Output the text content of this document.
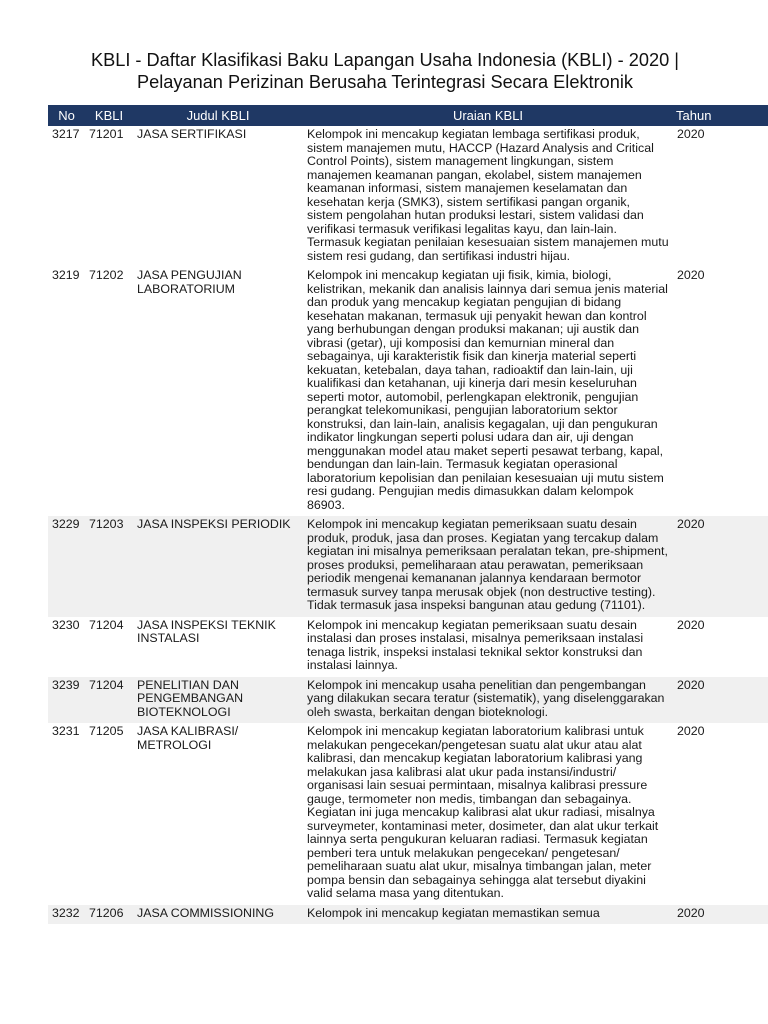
KBLI - Daftar Klasifikasi Baku Lapangan Usaha Indonesia (KBLI) - 2020 |
Pelayanan Perizinan Berusaha Terintegrasi Secara Elektronik
No	KBLI	Judul KBLI	Uraian KBLI	Tahun
3217	71201	JASA SERTIFIKASI	Kelompok ini mencakup kegiatan lembaga sertifikasi produk, sistem manajemen mutu, HACCP (Hazard Analysis and Critical Control Points), sistem management lingkungan, sistem manajemen keamanan pangan, ekolabel, sistem manajemen keamanan informasi, sistem manajemen keselamatan dan kesehatan kerja (SMK3), sistem sertifikasi pangan organik, sistem pengolahan hutan produksi lestari, sistem validasi dan verifikasi termasuk verifikasi legalitas kayu, dan lain-lain. Termasuk kegiatan penilaian kesesuaian sistem manajemen mutu sistem resi gudang, dan sertifikasi industri hijau.	2020
3219	71202	JASA PENGUJIAN LABORATORIUM	Kelompok ini mencakup kegiatan uji fisik, kimia, biologi, kelistrikan, mekanik dan analisis lainnya dari semua jenis material dan produk yang mencakup kegiatan pengujian di bidang kesehatan makanan, termasuk uji penyakit hewan dan kontrol yang berhubungan dengan produksi makanan; uji austik dan vibrasi (getar), uji komposisi dan kemurnian mineral dan sebagainya, uji karakteristik fisik dan kinerja material seperti kekuatan, ketebalan, daya tahan, radioaktif dan lain-lain, uji kualifikasi dan ketahanan, uji kinerja dari mesin keseluruhan seperti motor, automobil, perlengkapan elektronik, pengujian perangkat telekomunikasi, pengujian laboratorium sektor konstruksi, dan lain-lain, analisis kegagalan, uji dan pengukuran indikator lingkungan seperti polusi udara dan air, uji dengan menggunakan model atau maket seperti pesawat terbang, kapal, bendungan dan lain-lain. Termasuk kegiatan operasional laboratorium kepolisian dan penilaian kesesuaian uji mutu sistem resi gudang. Pengujian medis dimasukkan dalam kelompok 86903.	2020
3229	71203	JASA INSPEKSI PERIODIK	Kelompok ini mencakup kegiatan pemeriksaan suatu desain produk, produk, jasa dan proses. Kegiatan yang tercakup dalam kegiatan ini misalnya pemeriksaan peralatan tekan, pre-shipment, proses produksi, pemeliharaan atau perawatan, pemeriksaan periodik mengenai kemananan jalannya kendaraan bermotor termasuk survey tanpa merusak objek (non destructive testing). Tidak termasuk jasa inspeksi bangunan atau gedung (71101).	2020
3230	71204	JASA INSPEKSI TEKNIK INSTALASI	Kelompok ini mencakup kegiatan pemeriksaan suatu desain instalasi dan proses instalasi, misalnya pemeriksaan instalasi tenaga listrik, inspeksi instalasi teknikal sektor konstruksi dan instalasi lainnya.	2020
3239	71204	PENELITIAN DAN PENGEMBANGAN BIOTEKNOLOGI	Kelompok ini mencakup usaha penelitian dan pengembangan yang dilakukan secara teratur (sistematik), yang diselenggarakan oleh swasta, berkaitan dengan bioteknologi.	2020
3231	71205	JASA KALIBRASI/ METROLOGI	Kelompok ini mencakup kegiatan laboratorium kalibrasi untuk melakukan pengecekan/pengetesan suatu alat ukur atau alat kalibrasi, dan mencakup kegiatan laboratorium kalibrasi yang melakukan jasa kalibrasi alat ukur pada instansi/industri/ organisasi lain sesuai permintaan, misalnya kalibrasi pressure gauge, termometer non medis, timbangan dan sebagainya. Kegiatan ini juga mencakup kalibrasi alat ukur radiasi, misalnya surveymeter, kontaminasi meter, dosimeter, dan alat ukur terkait lainnya serta pengukuran keluaran radiasi. Termasuk kegiatan pemberi tera untuk melakukan pengecekan/ pengetesan/ pemeliharaan suatu alat ukur, misalnya timbangan jalan, meter pompa bensin dan sebagainya sehingga alat tersebut diyakini valid selama masa yang ditentukan.	2020
3232	71206	JASA COMMISSIONING	Kelompok ini mencakup kegiatan memastikan semua	2020
